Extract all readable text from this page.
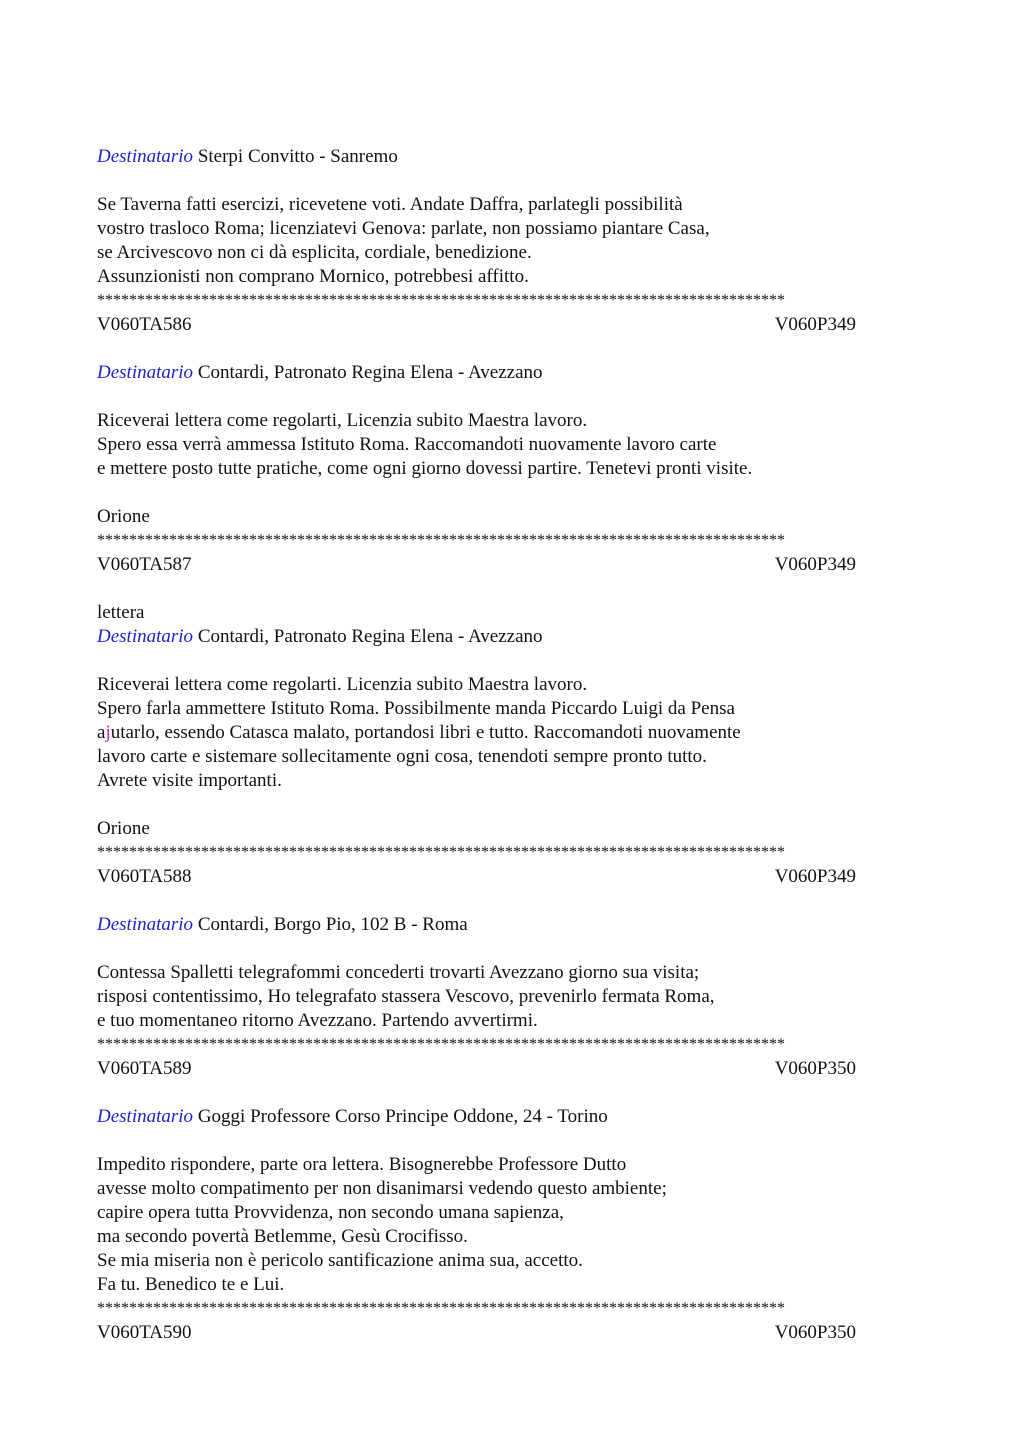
Destinatario Sterpi Convitto - Sanremo
Se Taverna fatti esercizi, ricevetene voti. Andate Daffra, parlategli possibilità
vostro trasloco Roma; licenziatevi Genova: parlate, non possiamo piantare Casa,
se Arcivescovo non ci dà esplicita, cordiale, benedizione.
Assunzionisti non comprano Mornico, potrebbesi affitto.
**************************************************************************************
V060TA586	V060P349
Destinatario Contardi, Patronato Regina Elena - Avezzano
Riceverai lettera come regolarti, Licenzia subito Maestra lavoro.
Spero essa verrà ammessa Istituto Roma. Raccomandoti nuovamente lavoro carte
e mettere posto tutte pratiche, come ogni giorno dovessi partire. Tenetevi pronti visite.
Orione
**************************************************************************************
V060TA587	V060P349
lettera
Destinatario Contardi, Patronato Regina Elena - Avezzano
Riceverai lettera come regolarti. Licenzia subito Maestra lavoro.
Spero farla ammettere Istituto Roma. Possibilmente manda Piccardo Luigi da Pensa
ajutarlo, essendo Catasca malato, portandosi libri e tutto. Raccomandoti nuovamente
lavoro carte e sistemare sollecitamente ogni cosa, tenendoti sempre pronto tutto.
Avrete visite importanti.
Orione
**************************************************************************************
V060TA588	V060P349
Destinatario Contardi, Borgo Pio, 102 B - Roma
Contessa Spalletti telegrafommi concederti trovarti Avezzano giorno sua visita;
risposi contentissimo, Ho telegrafato stassera Vescovo, prevenirlo fermata Roma,
e tuo momentaneo ritorno Avezzano. Partendo avvertirmi.
**************************************************************************************
V060TA589	V060P350
Destinatario Goggi Professore Corso Principe Oddone, 24 - Torino
Impedito rispondere, parte ora lettera. Bisognerebbe Professore Dutto
avesse molto compatimento per non disanimarsi vedendo questo ambiente;
capire opera tutta Provvidenza, non secondo umana sapienza,
ma secondo povertà Betlemme, Gesù Crocifisso.
Se mia miseria non è pericolo santificazione anima sua, accetto.
Fa tu. Benedico te e Lui.
**************************************************************************************
V060TA590	V060P350
